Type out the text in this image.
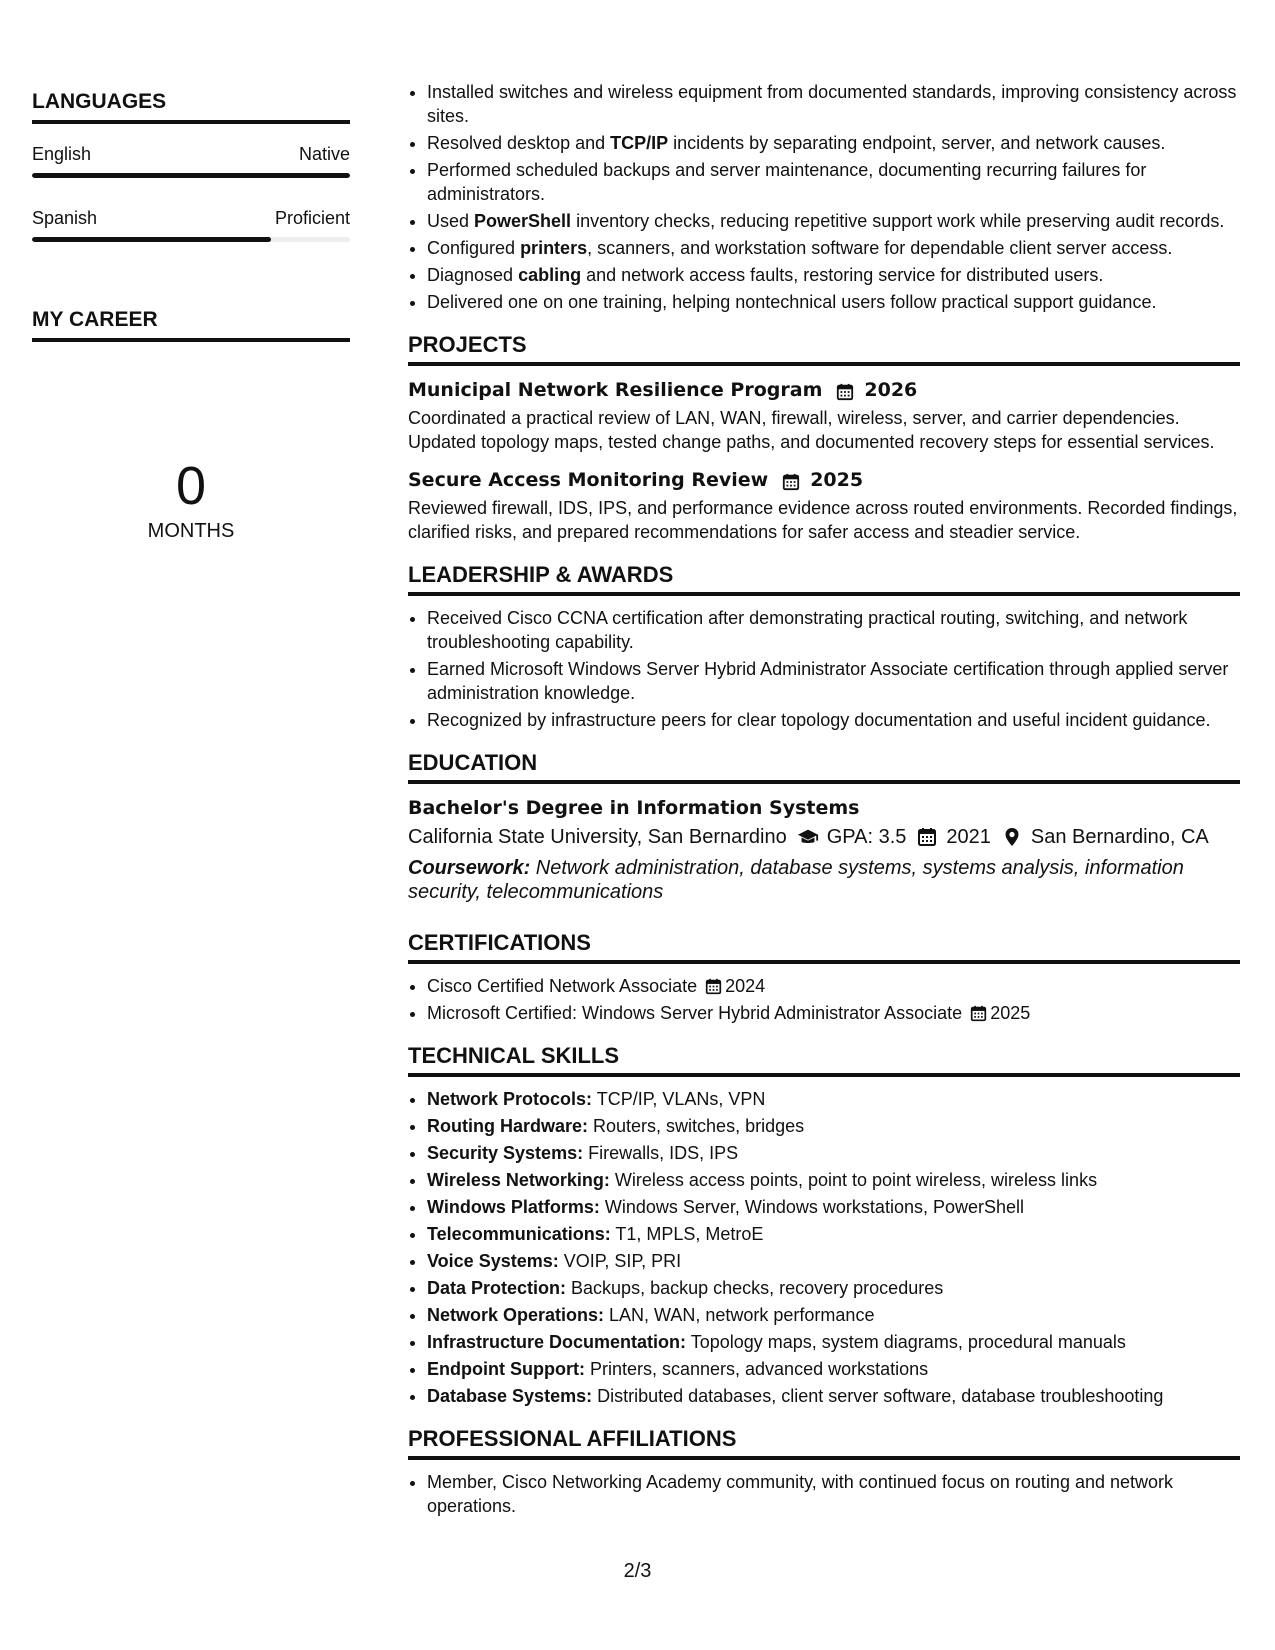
LANGUAGES
English	Native
Spanish	Proficient
MY CAREER
0
MONTHS
• Installed switches and wireless equipment from documented standards, improving consistency across sites.
• Resolved desktop and TCP/IP incidents by separating endpoint, server, and network causes.
• Performed scheduled backups and server maintenance, documenting recurring failures for administrators.
• Used PowerShell inventory checks, reducing repetitive support work while preserving audit records.
• Configured printers, scanners, and workstation software for dependable client server access.
• Diagnosed cabling and network access faults, restoring service for distributed users.
• Delivered one on one training, helping nontechnical users follow practical support guidance.
PROJECTS
Municipal Network Resilience Program 2026
Coordinated a practical review of LAN, WAN, firewall, wireless, server, and carrier dependencies. Updated topology maps, tested change paths, and documented recovery steps for essential services.
Secure Access Monitoring Review 2025
Reviewed firewall, IDS, IPS, and performance evidence across routed environments. Recorded findings, clarified risks, and prepared recommendations for safer access and steadier service.
LEADERSHIP & AWARDS
• Received Cisco CCNA certification after demonstrating practical routing, switching, and network troubleshooting capability.
• Earned Microsoft Windows Server Hybrid Administrator Associate certification through applied server administration knowledge.
• Recognized by infrastructure peers for clear topology documentation and useful incident guidance.
EDUCATION
Bachelor's Degree in Information Systems
California State University, San Bernardino GPA: 3.5 2021 San Bernardino, CA
Coursework: Network administration, database systems, systems analysis, information security, telecommunications
CERTIFICATIONS
• Cisco Certified Network Associate 2024
• Microsoft Certified: Windows Server Hybrid Administrator Associate 2025
TECHNICAL SKILLS
• Network Protocols: TCP/IP, VLANs, VPN
• Routing Hardware: Routers, switches, bridges
• Security Systems: Firewalls, IDS, IPS
• Wireless Networking: Wireless access points, point to point wireless, wireless links
• Windows Platforms: Windows Server, Windows workstations, PowerShell
• Telecommunications: T1, MPLS, MetroE
• Voice Systems: VOIP, SIP, PRI
• Data Protection: Backups, backup checks, recovery procedures
• Network Operations: LAN, WAN, network performance
• Infrastructure Documentation: Topology maps, system diagrams, procedural manuals
• Endpoint Support: Printers, scanners, advanced workstations
• Database Systems: Distributed databases, client server software, database troubleshooting
PROFESSIONAL AFFILIATIONS
• Member, Cisco Networking Academy community, with continued focus on routing and network operations.
2/3
